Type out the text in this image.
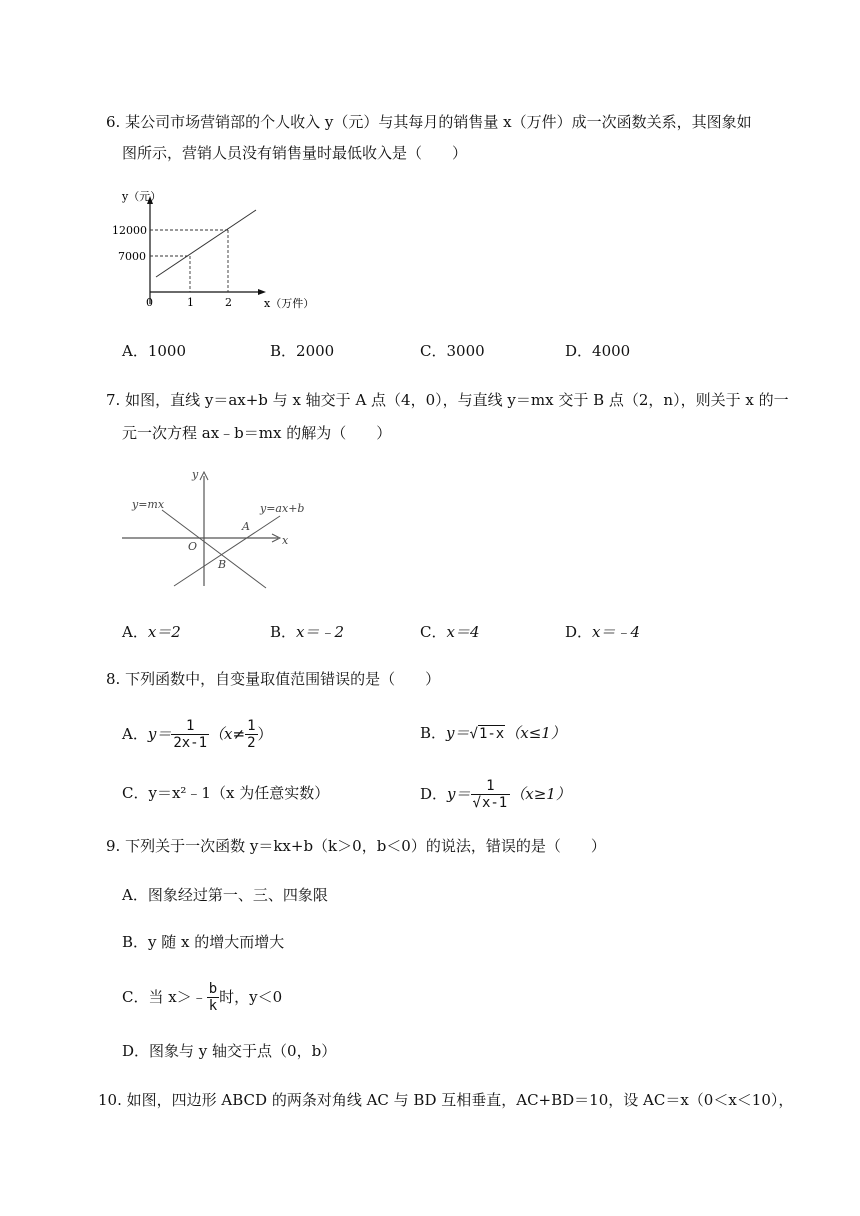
6. 某公司市场营销部的个人收入 y（元）与其每月的销售量 x（万件）成一次函数关系，其图象如
图所示，营销人员没有销售量时最低收入是（　　）
y（元）
12000
7000
0	1	2	x（万件）
A．1000	B．2000	C．3000	D．4000
7. 如图，直线 y＝ax+b 与 x 轴交于 A 点（4，0），与直线 y＝mx 交于 B 点（2，n），则关于 x 的一
元一次方程 ax﹣b＝mx 的解为（　　）
y
x
y=mx	y=ax+b
A
B
O
A．x＝2	B．x＝﹣2	C．x＝4	D．x＝﹣4
8. 下列函数中，自变量取值范围错误的是（　　）
A． $y= \frac{1}{2x-1} (x\ne \frac{1}{2}$ ）	B．y＝√1-x（x≤1）
C．y＝x²﹣1（x 为任意实数）	D． $y= \frac{1}{√x-1} (x\ge 1)$
9. 下列关于一次函数 y＝kx+b（k＞0，b＜0）的说法，错误的是（　　）
A．图象经过第一、三、四象限
B．y 随 x 的增大而增大
C． 当 x＞﹣ $\frac{b}{k}$ 时，y＜0
D．图象与 y 轴交于点（0，b）
10. 如图，四边形 ABCD 的两条对角线 AC 与 BD 互相垂直，AC+BD＝10，设 AC＝x（0＜x＜10），
